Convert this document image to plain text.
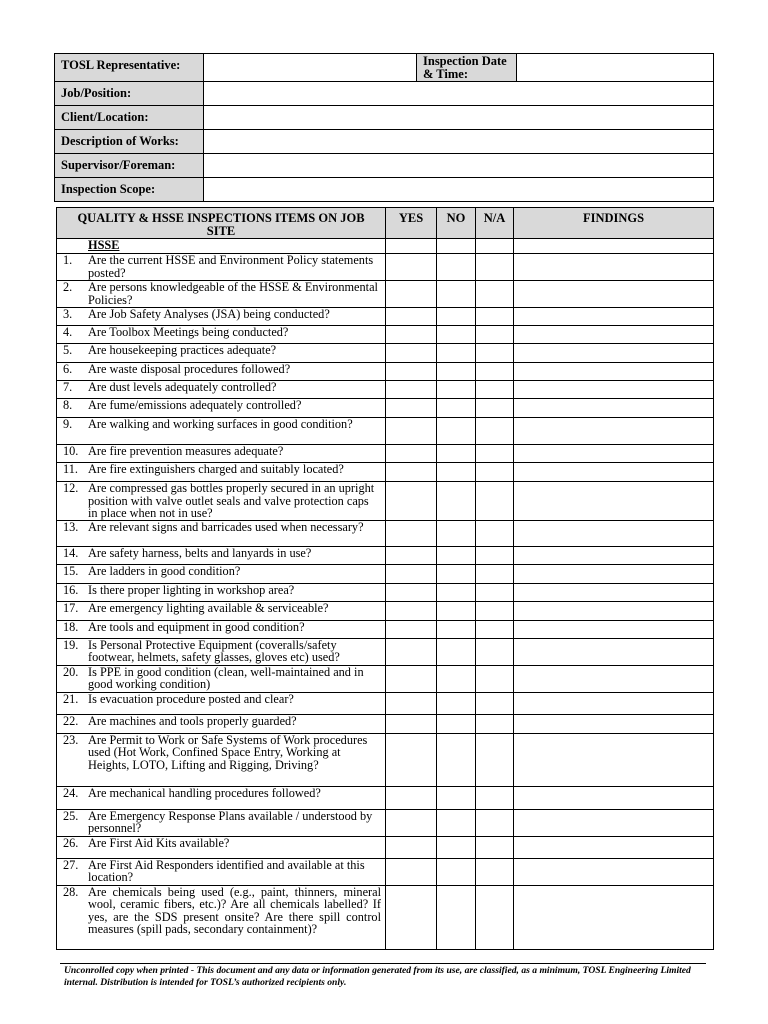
TOSL Representative:		Inspection Date & Time:	
Job/Position:			
Client/Location:			
Description of Works:			
Supervisor/Foreman:			
Inspection Scope:			
QUALITY & HSSE INSPECTIONS ITEMS ON JOB SITE	YES	NO	N/A	FINDINGS
HSSE				

1. Are the current HSSE and Environment Policy statements posted?				

2. Are persons knowledgeable of the HSSE & Environmental Policies?				

3. Are Job Safety Analyses (JSA) being conducted?				

4. Are Toolbox Meetings being conducted?				

5. Are housekeeping practices adequate?				

6. Are waste disposal procedures followed?				

7. Are dust levels adequately controlled?				

8. Are fume/emissions adequately controlled?				

9. Are walking and working surfaces in good condition?				

10. Are fire prevention measures adequate?				

11. Are fire extinguishers charged and suitably located?				

12. Are compressed gas bottles properly secured in an upright position with valve outlet seals and valve protection caps in place when not in use?				

13. Are relevant signs and barricades used when necessary?				

14. Are safety harness, belts and lanyards in use?				

15. Are ladders in good condition?				

16. Is there proper lighting in workshop area?				

17. Are emergency lighting available & serviceable?				

18. Are tools and equipment in good condition?				

19. Is Personal Protective Equipment (coveralls/safety footwear, helmets, safety glasses, gloves etc) used?				

20. Is PPE in good condition (clean, well-maintained and in good working condition)				

21. Is evacuation procedure posted and clear?				

22. Are machines and tools properly guarded?				

23. Are Permit to Work or Safe Systems of Work procedures used (Hot Work, Confined Space Entry, Working at Heights, LOTO, Lifting and Rigging, Driving?				

24. Are mechanical handling procedures followed?				

25. Are Emergency Response Plans available / understood by personnel?				

26. Are First Aid Kits available?				

27. Are First Aid Responders identified and available at this location?				

28. Are chemicals being used (e.g., paint, thinners, mineral wool, ceramic fibers, etc.)? Are all chemicals labelled? If yes, are the SDS present onsite? Are there spill control measures (spill pads, secondary containment)?				

Unconrolled copy when printed - This document and any data or information generated from its use, are classified, as a minimum, TOSL Engineering Limited internal. Distribution is intended for TOSL’s authorized recipients only.
